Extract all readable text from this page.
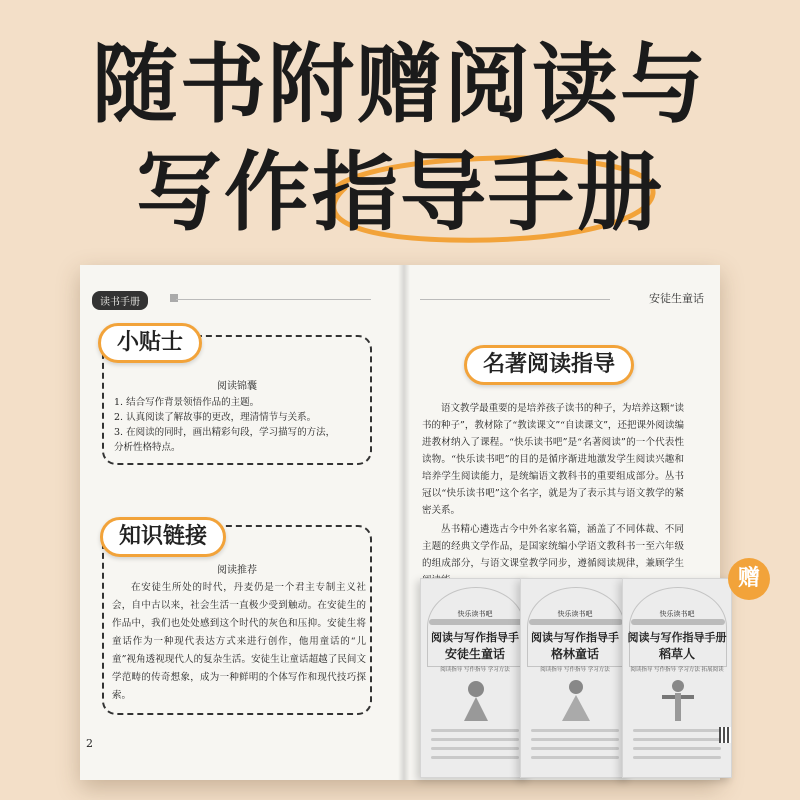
随书附赠阅读与
写作指导手册
读书手册	安徒生童话
小贴士
阅读锦囊
1. 结合写作背景领悟作品的主题。
2. 认真阅读了解故事的更改，理清情节与关系。
3. 在阅读的同时，画出精彩句段，学习描写的方法，
分析性格特点。
知识链接
阅读推荐
在安徒生所处的时代，丹麦仍是一个君主专制主义社会，自中古以来，社会生活一直极少受到触动。在安徒生的作品中，我们也处处感到这个时代的灰色和压抑。安徒生将童话作为一种现代表达方式来进行创作，他用童话的“儿童”视角透视现代人的复杂生活。安徒生让童话超越了民间文学范畴的传奇想象，成为一种鲜明的个体写作和现代技巧探索。
名著阅读指导

语文教学最重要的是培养孩子读书的种子，为培养这颗“读书的种子”，教材除了“教读课文”“自读课文”，还把课外阅读编进教材纳入了课程。“快乐读书吧”是“名著阅读”的一个代表性读物。“快乐读书吧”的目的是循序渐进地激发学生阅读兴趣和培养学生阅读能力，是统编语文教科书的重要组成部分。丛书冠以“快乐读书吧”这个名字，就是为了表示其与语文教学的紧密关系。

丛书精心遴选古今中外名家名篇，涵盖了不同体裁、不同主题的经典文学作品，是国家统编小学语文教科书一至六年级的组成部分，与语文课堂教学同步，遵循阅读规律，兼顾学生

2
快乐读书吧
阅读与写作指导手
安徒生童话
阅读指导 写作指导 学习方法
快乐读书吧
阅读与写作指导手
格林童话
阅读指导 写作指导 学习方法
快乐读书吧
阅读与写作指导手册
稻草人
阅读指导 写作指导 学习方法 拓展阅读
赠
